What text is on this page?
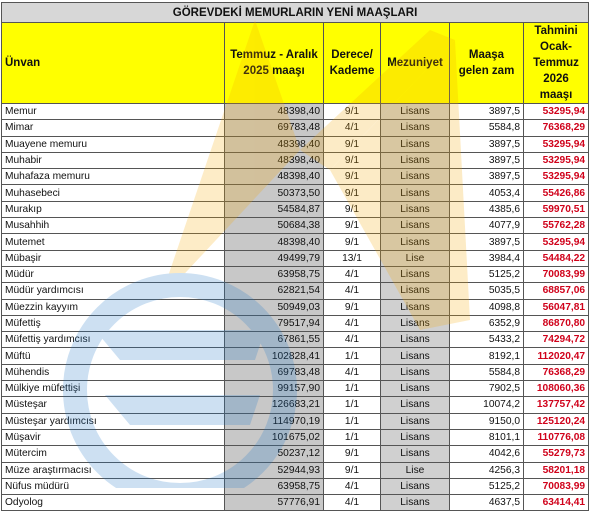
GÖREVDEKİ MEMURLARIN YENİ MAAŞLARI					
Ünvan	Temmuz - Aralık 2025 maaşı	Derece/ Kademe	Mezuniyet	Maaşa gelen zam	Tahmini Ocak-Temmuz 2026 maaşı
Memur	48398,40	9/1	Lisans	3897,5	53295,94
Mimar	69783,48	4/1	Lisans	5584,8	76368,29
Muayene memuru	48398,40	9/1	Lisans	3897,5	53295,94
Muhabir	48398,40	9/1	Lisans	3897,5	53295,94
Muhafaza memuru	48398,40	9/1	Lisans	3897,5	53295,94
Muhasebeci	50373,50	9/1	Lisans	4053,4	55426,86
Murakıp	54584,87	9/1	Lisans	4385,6	59970,51
Musahhih	50684,38	9/1	Lisans	4077,9	55762,28
Mutemet	48398,40	9/1	Lisans	3897,5	53295,94
Mübaşir	49499,79	13/1	Lise	3984,4	54484,22
Müdür	63958,75	4/1	Lisans	5125,2	70083,99
Müdür yardımcısı	62821,54	4/1	Lisans	5035,5	68857,06
Müezzin kayyım	50949,03	9/1	Lisans	4098,8	56047,81
Müfettiş	79517,94	4/1	Lisans	6352,9	86870,80
Müfettiş yardımcısı	67861,55	4/1	Lisans	5433,2	74294,72
Müftü	102828,41	1/1	Lisans	8192,1	112020,47
Mühendis	69783,48	4/1	Lisans	5584,8	76368,29
Mülkiye müfettişi	99157,90	1/1	Lisans	7902,5	108060,36
Müsteşar	126683,21	1/1	Lisans	10074,2	137757,42
Müsteşar yardımcısı	114970,19	1/1	Lisans	9150,0	125120,24
Müşavir	101675,02	1/1	Lisans	8101,1	110776,08
Mütercim	50237,12	9/1	Lisans	4042,6	55279,73
Müze araştırmacısı	52944,93	9/1	Lise	4256,3	58201,18
Nüfus müdürü	63958,75	4/1	Lisans	5125,2	70083,99
Odyolog	57776,91	4/1	Lisans	4637,5	63414,41
